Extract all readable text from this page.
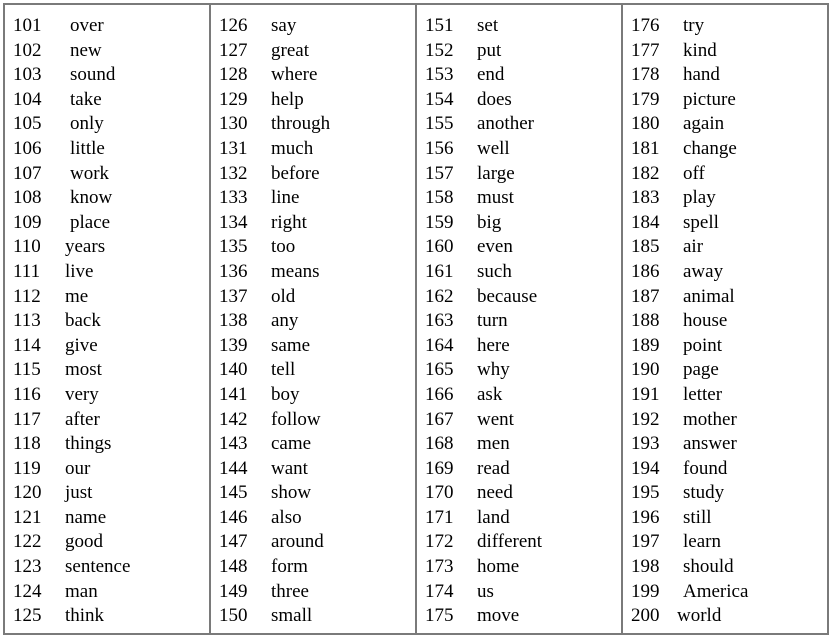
101 over
102 new
103 sound
104 take
105 only
106 little
107 work
108 know
109 place
110 years
111 live
112 me
113 back
114 give
115 most
116 very
117 after
118 things
119 our
120 just
121 name
122 good
123 sentence
124 man
125 think
126 say
127 great
128 where
129 help
130 through
131 much
132 before
133 line
134 right
135 too
136 means
137 old
138 any
139 same
140 tell
141 boy
142 follow
143 came
144 want
145 show
146 also
147 around
148 form
149 three
150 small
151 set
152 put
153 end
154 does
155 another
156 well
157 large
158 must
159 big
160 even
161 such
162 because
163 turn
164 here
165 why
166 ask
167 went
168 men
169 read
170 need
171 land
172 different
173 home
174 us
175 move
176 try
177 kind
178 hand
179 picture
180 again
181 change
182 off
183 play
184 spell
185 air
186 away
187 animal
188 house
189 point
190 page
191 letter
192 mother
193 answer
194 found
195 study
196 still
197 learn
198 should
199 America
200 world
